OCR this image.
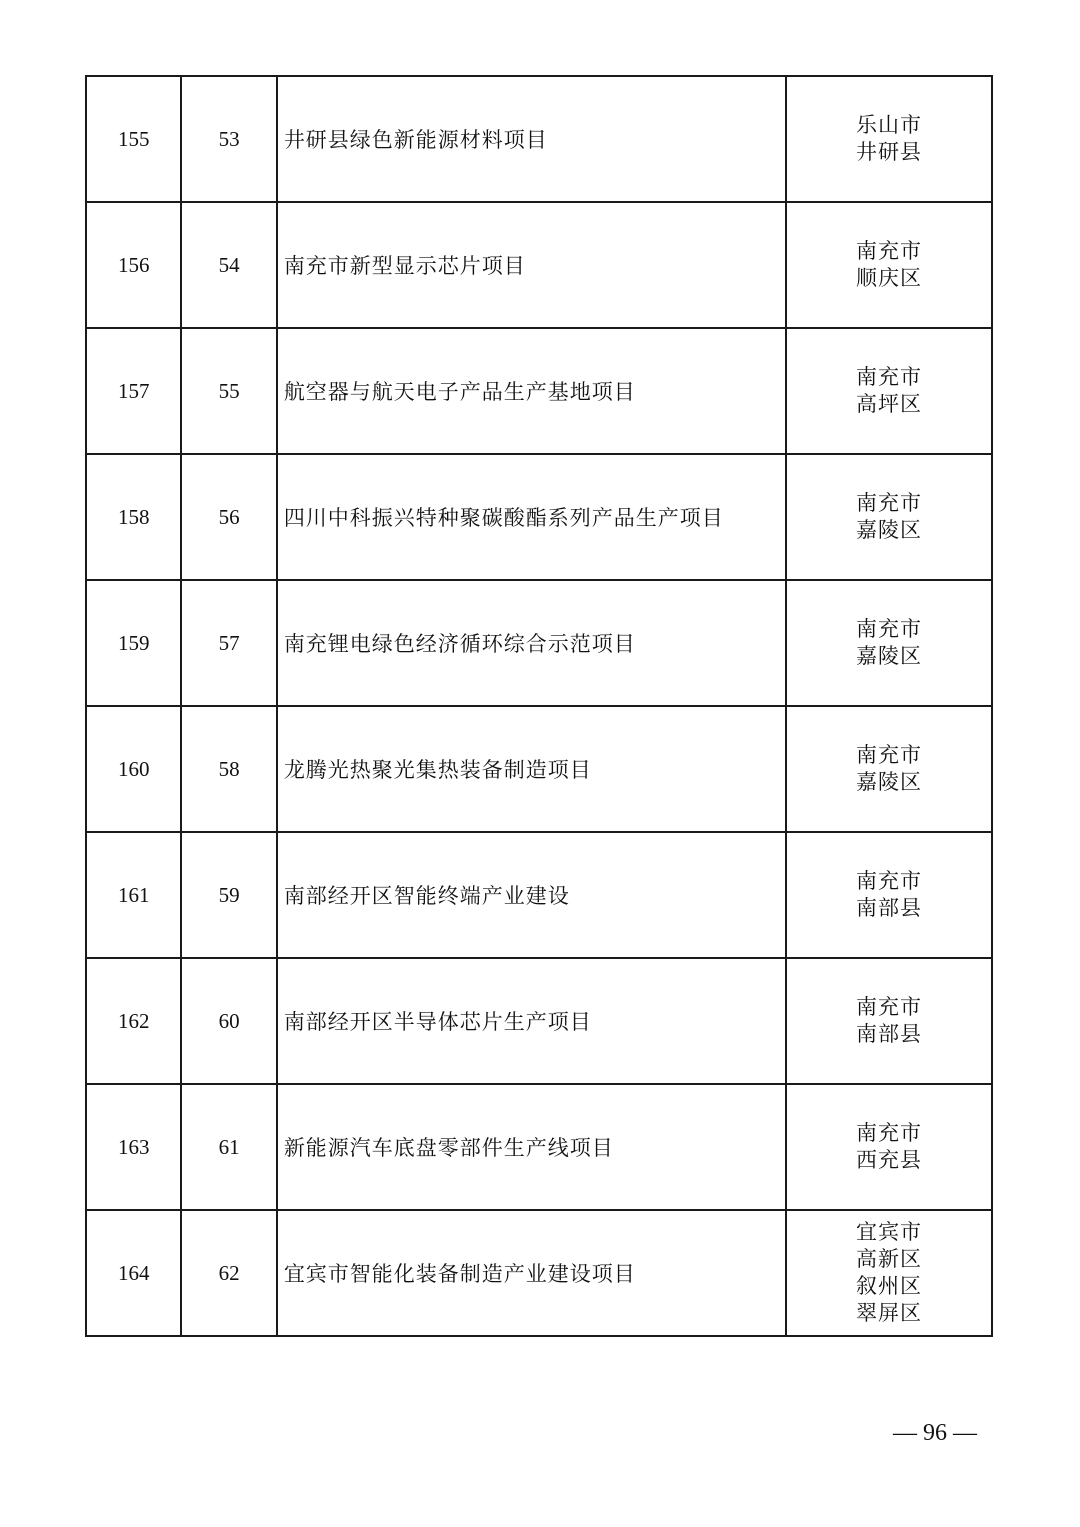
155	53	井研县绿色新能源材料项目	乐山市
井研县

156	54	南充市新型显示芯片项目	南充市
顺庆区

157	55	航空器与航天电子产品生产基地项目	南充市
高坪区

158	56	四川中科振兴特种聚碳酸酯系列产品生产项目	南充市
嘉陵区

159	57	南充锂电绿色经济循环综合示范项目	南充市
嘉陵区

160	58	龙腾光热聚光集热装备制造项目	南充市
嘉陵区

161	59	南部经开区智能终端产业建设	南充市
南部县

162	60	南部经开区半导体芯片生产项目	南充市
南部县

163	61	新能源汽车底盘零部件生产线项目	南充市
西充县

164	62	宜宾市智能化装备制造产业建设项目	宜宾市
高新区
叙州区
翠屏区
— 96 —
